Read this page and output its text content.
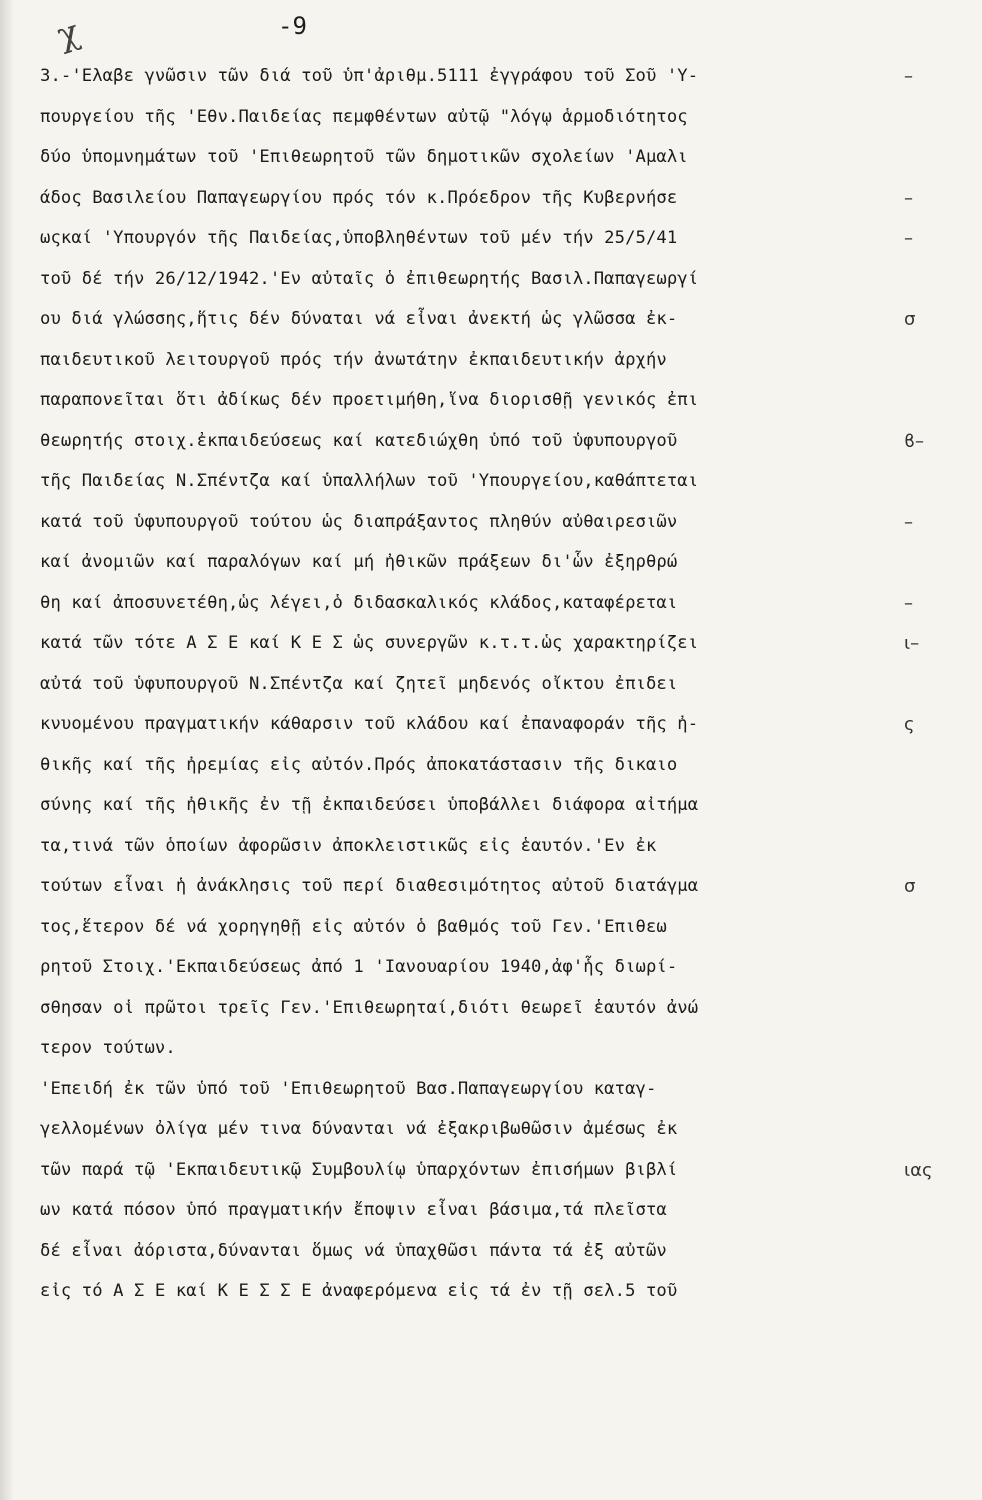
χ	-9
3.-'Ελαβε γνῶσιν τῶν διά τοῦ ὑπ'ἀριθμ.5111 ἐγγράφου τοῦ Σοῦ 'Υ-
πουργείου τῆς 'Εθν.Παιδείας πεμφθέντων αὐτῷ "λόγῳ ἁρμοδιότητος
δύο ὑπομνημάτων τοῦ 'Επιθεωρητοῦ τῶν δημοτικῶν σχολείων 'Αμαλι
άδος Βασιλείου Παπαγεωργίου πρός τόν κ.Πρόεδρον τῆς Κυβερνήσε
ωςκαί 'Υπουργόν τῆς Παιδείας,ὑποβληθέντων τοῦ μέν τήν 25/5/41
τοῦ δέ τήν 26/12/1942.'Εν αὐταῖς ὁ ἐπιθεωρητής Βασιλ.Παπαγεωργί
ου διά γλώσσης,ἥτις δέν δύναται νά εἶναι ἀνεκτή ὡς γλῶσσα ἐκ-
παιδευτικοῦ λειτουργοῦ πρός τήν ἀνωτάτην ἐκπαιδευτικήν ἀρχήν
παραπονεῖται ὅτι ἀδίκως δέν προετιμήθη,ἵνα διορισθῇ γενικός ἐπι
θεωρητής στοιχ.ἐκπαιδεύσεως καί κατεδιώχθη ὑπό τοῦ ὑφυπουργοῦ
τῆς Παιδείας Ν.Σπέντζα καί ὑπαλλήλων τοῦ 'Υπουργείου,καθάπτεται
κατά τοῦ ὑφυπουργοῦ τούτου ὡς διαπράξαντος πληθύν αὐθαιρεσιῶν
καί ἀνομιῶν καί παραλόγων καί μή ἠθικῶν πράξεων δι'ὧν ἐξηρθρώ
θη καί ἀποσυνετέθη,ὡς λέγει,ὁ διδασκαλικός κλάδος,καταφέρεται
κατά τῶν τότε Α Σ Ε καί Κ Ε Σ ὡς συνεργῶν κ.τ.τ.ὡς χαρακτηρίζει
αὐτά τοῦ ὑφυπουργοῦ Ν.Σπέντζα καί ζητεῖ μηδενός οἴκτου ἐπιδει
κνυομένου πραγματικήν κάθαρσιν τοῦ κλάδου καί ἐπαναφοράν τῆς ἠ-
θικῆς καί τῆς ἠρεμίας εἰς αὐτόν.Πρός ἀποκατάστασιν τῆς δικαιο
σύνης καί τῆς ἠθικῆς ἐν τῇ ἐκπαιδεύσει ὑποβάλλει διάφορα αἰτήμα
τα,τινά τῶν ὁποίων ἀφορῶσιν ἀποκλειστικῶς εἰς ἑαυτόν.'Εν ἐκ
τούτων εἶναι ἡ ἀνάκλησις τοῦ περί διαθεσιμότητος αὐτοῦ διατάγμα
τος,ἕτερον δέ νά χορηγηθῇ εἰς αὐτόν ὁ βαθμός τοῦ Γεν.'Επιθεω
ρητοῦ Στοιχ.'Εκπαιδεύσεως ἀπό 1 'Ιανουαρίου 1940,ἀφ'ἧς διωρί-
σθησαν οἱ πρῶτοι τρεῖς Γεν.'Επιθεωρηταί,διότι θεωρεῖ ἑαυτόν ἀνώ
τερον τούτων.
'Επειδή ἐκ τῶν ὑπό τοῦ 'Επιθεωρητοῦ Βασ.Παπαγεωργίου καταγ-
γελλομένων ὀλίγα μέν τινα δύνανται νά ἐξακριβωθῶσιν ἀμέσως ἐκ
τῶν παρά τῷ 'Εκπαιδευτικῷ Συμβουλίῳ ὑπαρχόντων ἐπισήμων βιβλί
ων κατά πόσον ὑπό πραγματικήν ἔποψιν εἶναι βάσιμα,τά πλεῖστα
δέ εἶναι ἀόριστα,δύνανται ὅμως νά ὑπαχθῶσι πάντα τά ἐξ αὐτῶν
εἰς τό Α Σ Ε καί Κ Ε Σ Σ Ε ἀναφερόμενα εἰς τά ἐν τῇ σελ.5 τοῦ
–
–
–
σ
ϐ–
–
–
ι–
ς
σ
ιας
